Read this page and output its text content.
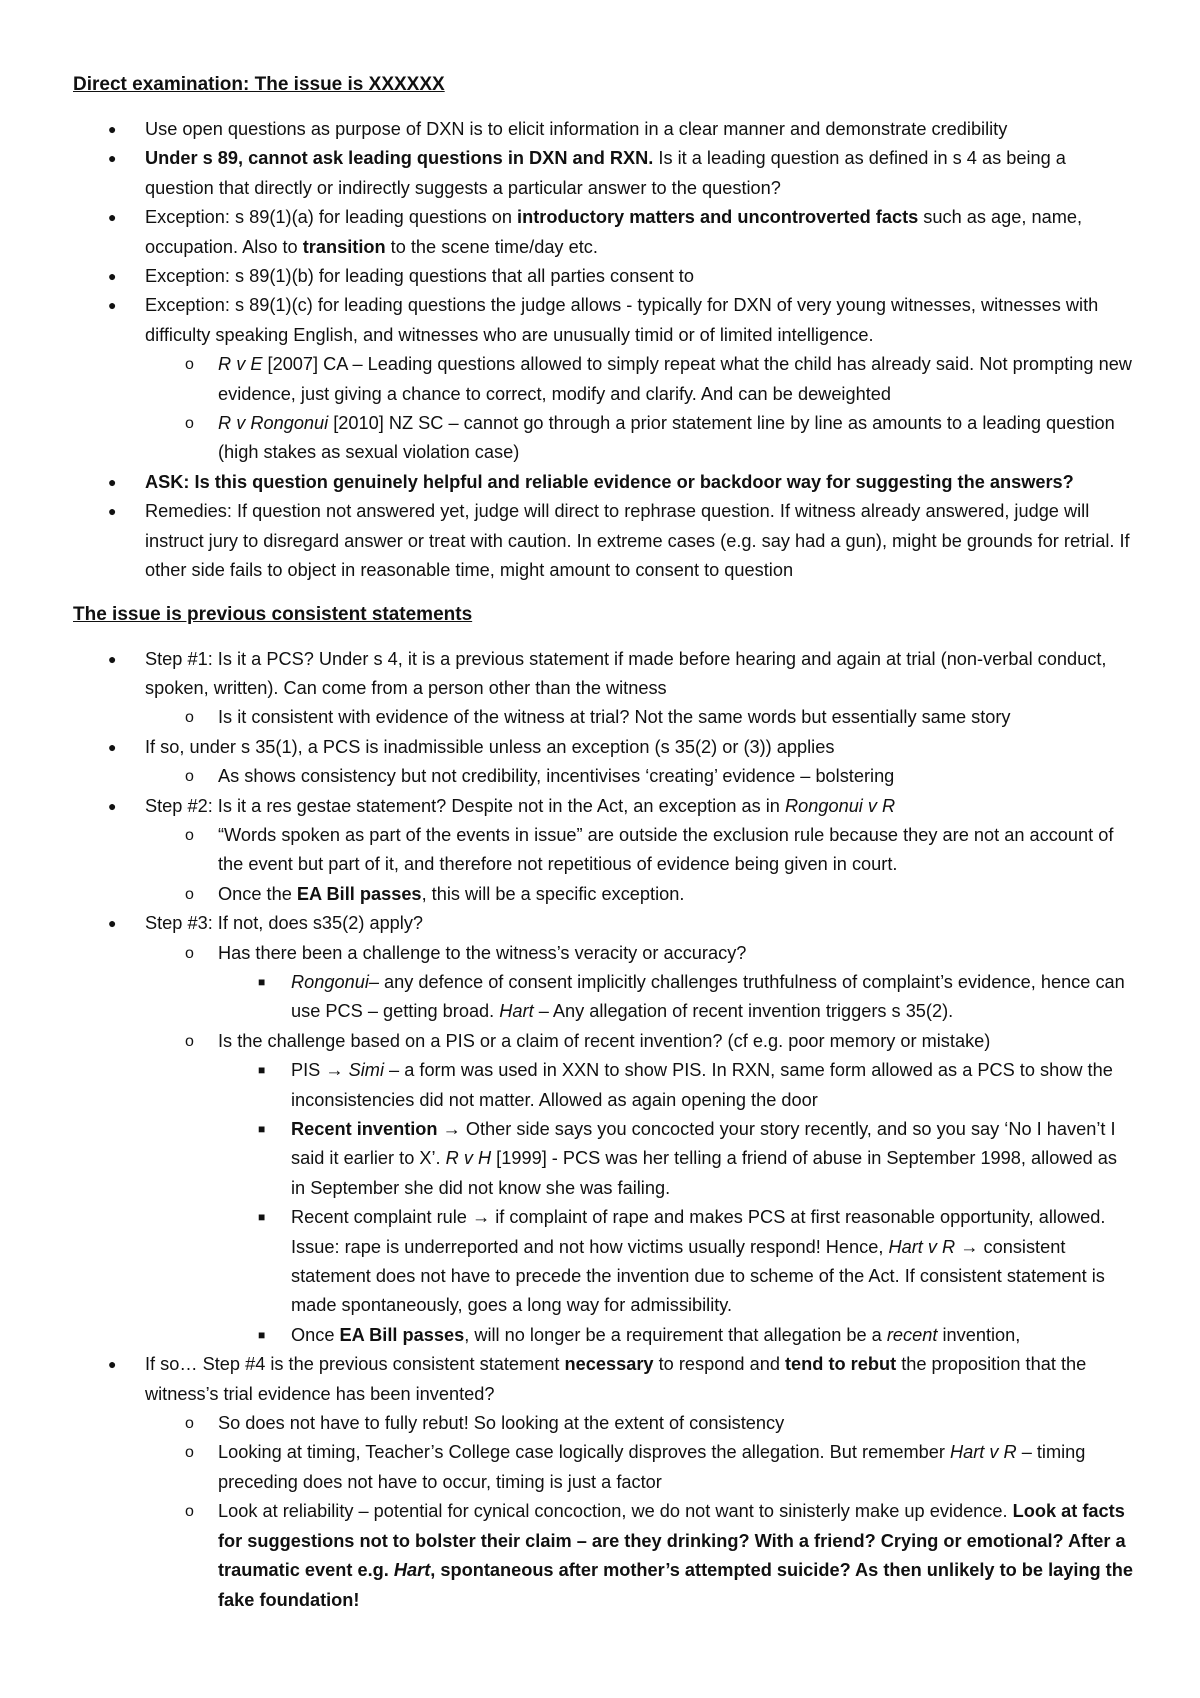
Direct examination: The issue is XXXXXX

● Use open questions as purpose of DXN is to elicit information in a clear manner and demonstrate credibility
● Under s 89, cannot ask leading questions in DXN and RXN. Is it a leading question as defined in s 4 as being a question that directly or indirectly suggests a particular answer to the question?
● Exception: s 89(1)(a) for leading questions on introductory matters and uncontroverted facts such as age, name, occupation. Also to transition to the scene time/day etc.
● Exception: s 89(1)(b) for leading questions that all parties consent to
● Exception: s 89(1)(c) for leading questions the judge allows - typically for DXN of very young witnesses, witnesses with difficulty speaking English, and witnesses who are unusually timid or of limited intelligence.
o R v E [2007] CA – Leading questions allowed to simply repeat what the child has already said. Not prompting new evidence, just giving a chance to correct, modify and clarify. And can be deweighted
o R v Rongonui [2010] NZ SC – cannot go through a prior statement line by line as amounts to a leading question (high stakes as sexual violation case)
● ASK: Is this question genuinely helpful and reliable evidence or backdoor way for suggesting the answers?
● Remedies: If question not answered yet, judge will direct to rephrase question. If witness already answered, judge will instruct jury to disregard answer or treat with caution. In extreme cases (e.g. say had a gun), might be grounds for retrial. If other side fails to object in reasonable time, might amount to consent to question

The issue is previous consistent statements

● Step #1: Is it a PCS? Under s 4, it is a previous statement if made before hearing and again at trial (non-verbal conduct, spoken, written). Can come from a person other than the witness
o Is it consistent with evidence of the witness at trial? Not the same words but essentially same story
● If so, under s 35(1), a PCS is inadmissible unless an exception (s 35(2) or (3)) applies
o As shows consistency but not credibility, incentivises ‘creating’ evidence – bolstering
● Step #2: Is it a res gestae statement? Despite not in the Act, an exception as in Rongonui v R
o “Words spoken as part of the events in issue” are outside the exclusion rule because they are not an account of the event but part of it, and therefore not repetitious of evidence being given in court.
o Once the EA Bill passes, this will be a specific exception.
● Step #3: If not, does s35(2) apply?
o Has there been a challenge to the witness’s veracity or accuracy?
■ Rongonui– any defence of consent implicitly challenges truthfulness of complaint’s evidence, hence can use PCS – getting broad. Hart – Any allegation of recent invention triggers s 35(2).
o Is the challenge based on a PIS or a claim of recent invention? (cf e.g. poor memory or mistake)
■ PIS → Simi – a form was used in XXN to show PIS. In RXN, same form allowed as a PCS to show the inconsistencies did not matter. Allowed as again opening the door
■ Recent invention → Other side says you concocted your story recently, and so you say ‘No I haven’t I said it earlier to X’. R v H [1999] - PCS was her telling a friend of abuse in September 1998, allowed as in September she did not know she was failing.
■ Recent complaint rule → if complaint of rape and makes PCS at first reasonable opportunity, allowed. Issue: rape is underreported and not how victims usually respond! Hence, Hart v R → consistent statement does not have to precede the invention due to scheme of the Act. If consistent statement is made spontaneously, goes a long way for admissibility.
■ Once EA Bill passes, will no longer be a requirement that allegation be a recent invention,
● If so… Step #4 is the previous consistent statement necessary to respond and tend to rebut the proposition that the witness’s trial evidence has been invented?
o So does not have to fully rebut! So looking at the extent of consistency
o Looking at timing, Teacher’s College case logically disproves the allegation. But remember Hart v R – timing preceding does not have to occur, timing is just a factor
o Look at reliability – potential for cynical concoction, we do not want to sinisterly make up evidence. Look at facts for suggestions not to bolster their claim – are they drinking? With a friend? Crying or emotional? After a traumatic event e.g. Hart, spontaneous after mother’s attempted suicide? As then unlikely to be laying the fake foundation!
